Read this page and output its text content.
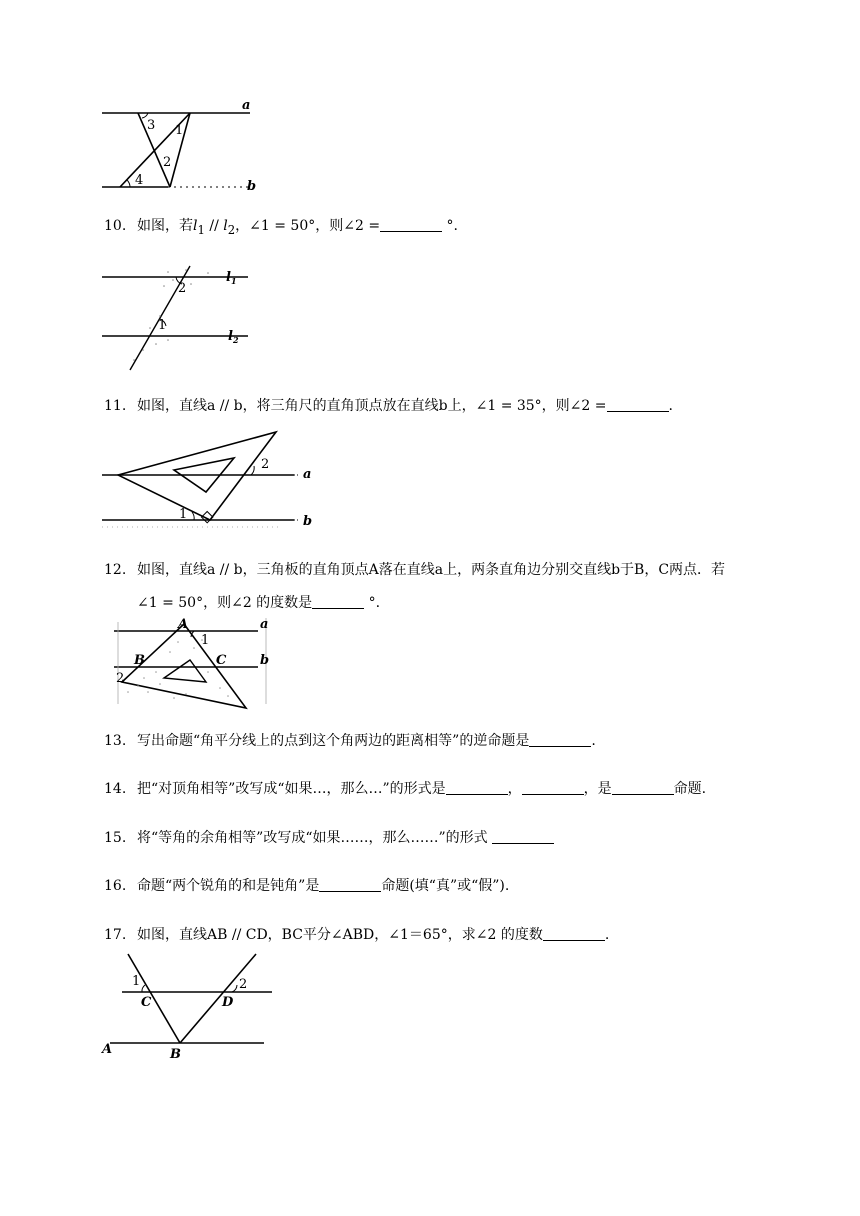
a
b
3 1
2
4
10. 如图，若$l_1 // l_2$，∠1 = 50°，则∠2 =	°.
$l_1$
$l_2$
2
1
11. 如图，直线a // b，将三角尺的直角顶点放在直线b上，∠1 = 35°，则∠2 =	.
a
b
2
1
12. 如图，直线a // b，三角板的直角顶点A落在直线a上，两条直角边分别交直线b于B，C两点．若
∠1 = 50°，则∠2 的度数是	°.
A
B	C
1
2
a
b
13. 写出命题“角平分线上的点到这个角两边的距离相等”的逆命题是	.
14. 把“对顶角相等”改写成“如果…，那么…”的形式是	，	，是	命题.
15. 将“等角的余角相等”改写成“如果……，那么……”的形式
16. 命题“两个锐角的和是钝角”是	命题(填“真”或“假”).
17. 如图，直线AB // CD，BC平分∠ABD，∠1＝65°，求∠2 的度数	.
A	B
C	D
1	2
